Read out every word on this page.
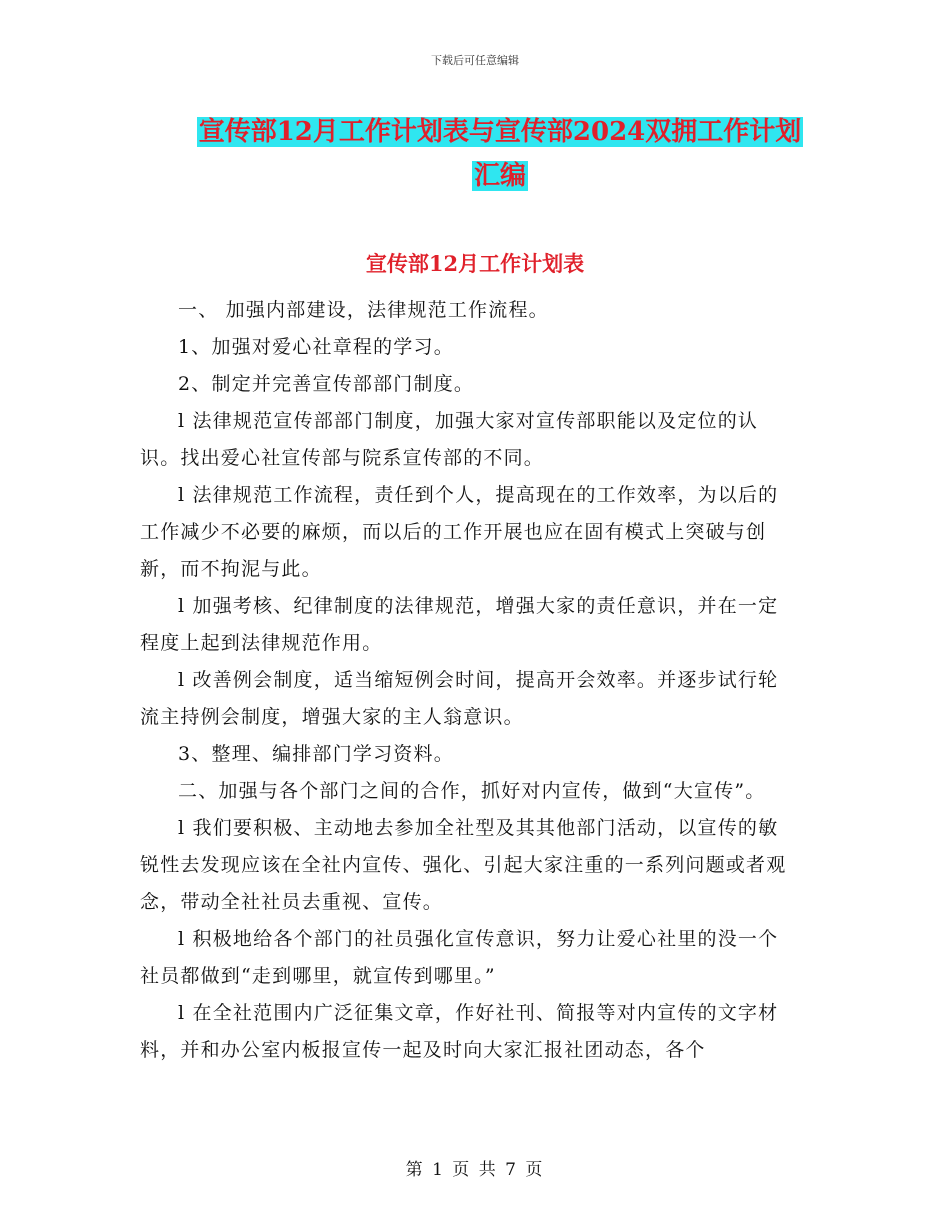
下载后可任意编辑
宣传部12月工作计划表与宣传部2024双拥工作计划
汇编
宣传部12月工作计划表

一、 加强内部建设，法律规范工作流程。

1、加强对爱心社章程的学习。

2、制定并完善宣传部部门制度。

l 法律规范宣传部部门制度，加强大家对宣传部职能以及定位的认识。找出爱心社宣传部与院系宣传部的不同。

l 法律规范工作流程，责任到个人，提高现在的工作效率，为以后的工作减少不必要的麻烦，而以后的工作开展也应在固有模式上突破与创新，而不拘泥与此。

l 加强考核、纪律制度的法律规范，增强大家的责任意识，并在一定程度上起到法律规范作用。

l 改善例会制度，适当缩短例会时间，提高开会效率。并逐步试行轮流主持例会制度，增强大家的主人翁意识。

3、整理、编排部门学习资料。

二、加强与各个部门之间的合作，抓好对内宣传，做到“大宣传”。

l 我们要积极、主动地去参加全社型及其其他部门活动，以宣传的敏锐性去发现应该在全社内宣传、强化、引起大家注重的一系列问题或者观念，带动全社社员去重视、宣传。

l 积极地给各个部门的社员强化宣传意识，努力让爱心社里的没一个社员都做到“走到哪里，就宣传到哪里。”

l 在全社范围内广泛征集文章，作好社刊、简报等对内宣传的文字材料，并和办公室内板报宣传一起及时向大家汇报社团动态，各个

第 1 页 共 7 页
